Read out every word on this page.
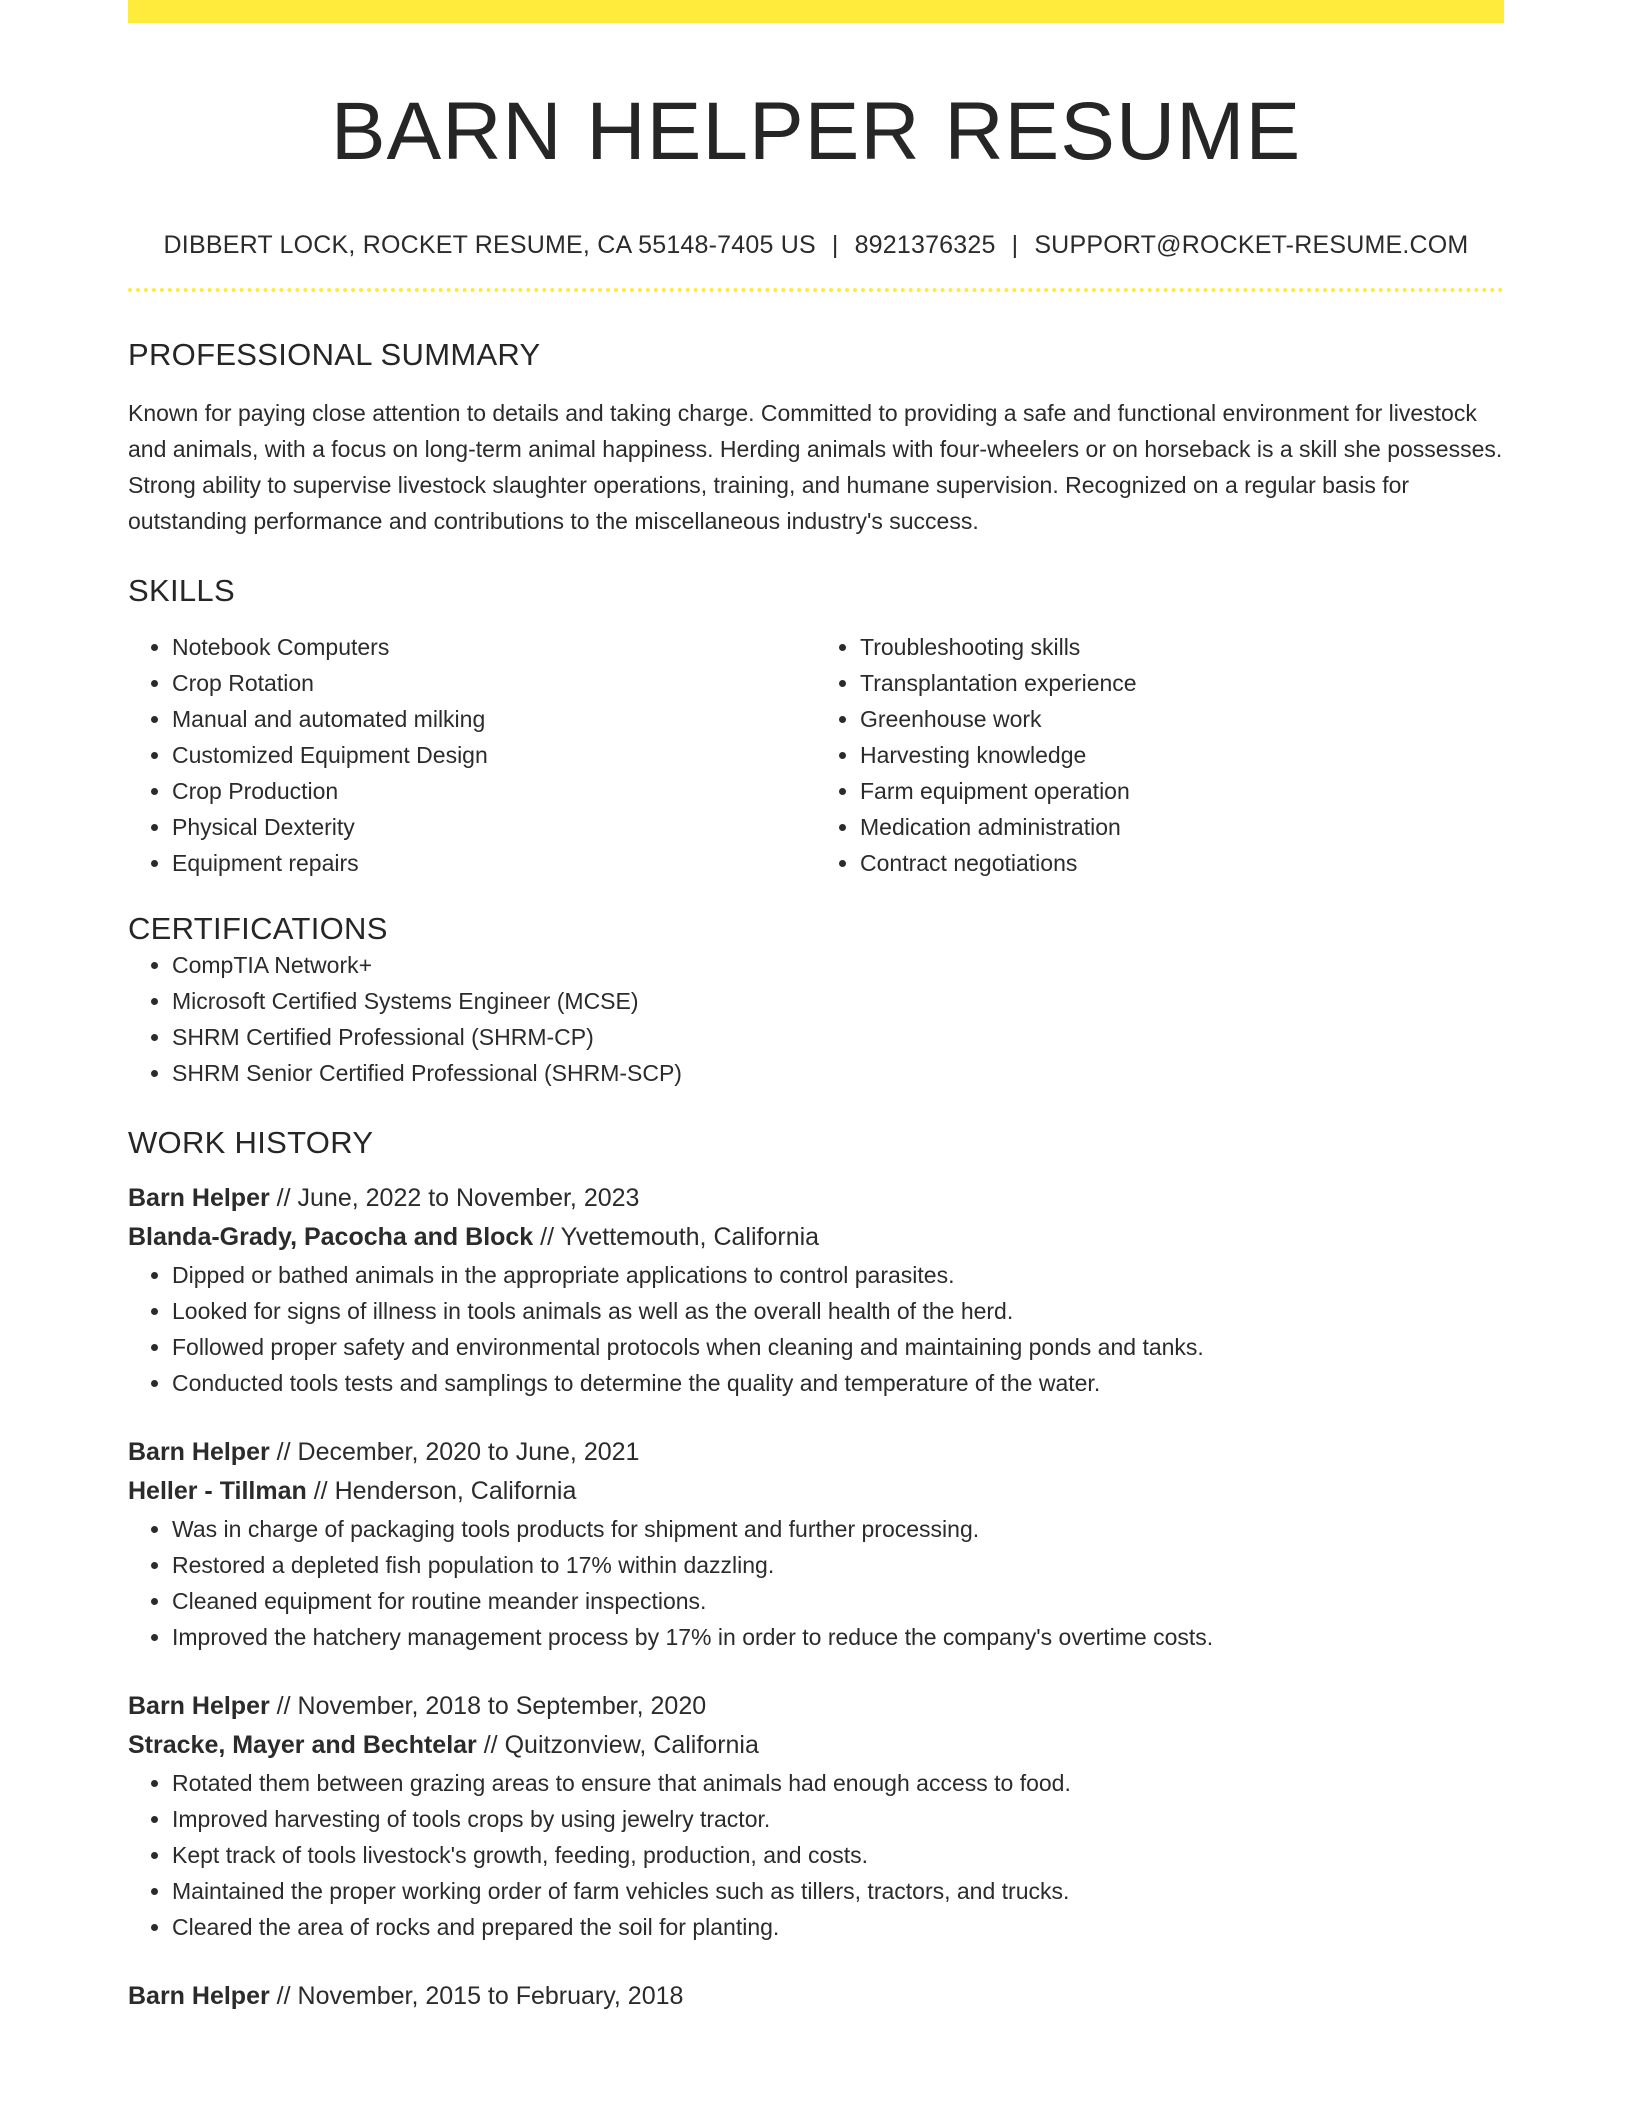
BARN HELPER RESUME
DIBBERT LOCK, ROCKET RESUME, CA 55148-7405 US | 8921376325 | SUPPORT@ROCKET-RESUME.COM
PROFESSIONAL SUMMARY

Known for paying close attention to details and taking charge. Committed to providing a safe and functional environment for livestock and animals, with a focus on long-term animal happiness. Herding animals with four-wheelers or on horseback is a skill she possesses. Strong ability to supervise livestock slaughter operations, training, and humane supervision. Recognized on a regular basis for outstanding performance and contributions to the miscellaneous industry's success.

SKILLS
• Notebook Computers
• Crop Rotation
• Manual and automated milking
• Customized Equipment Design
• Crop Production
• Physical Dexterity
• Equipment repairs
• Troubleshooting skills
• Transplantation experience
• Greenhouse work
• Harvesting knowledge
• Farm equipment operation
• Medication administration
• Contract negotiations
CERTIFICATIONS
• CompTIA Network+
• Microsoft Certified Systems Engineer (MCSE)
• SHRM Certified Professional (SHRM-CP)
• SHRM Senior Certified Professional (SHRM-SCP)
WORK HISTORY
Barn Helper // June, 2022 to November, 2023
Blanda-Grady, Pacocha and Block // Yvettemouth, California
• Dipped or bathed animals in the appropriate applications to control parasites.
• Looked for signs of illness in tools animals as well as the overall health of the herd.
• Followed proper safety and environmental protocols when cleaning and maintaining ponds and tanks.
• Conducted tools tests and samplings to determine the quality and temperature of the water.
Barn Helper // December, 2020 to June, 2021
Heller - Tillman // Henderson, California
• Was in charge of packaging tools products for shipment and further processing.
• Restored a depleted fish population to 17% within dazzling.
• Cleaned equipment for routine meander inspections.
• Improved the hatchery management process by 17% in order to reduce the company's overtime costs.
Barn Helper // November, 2018 to September, 2020
Stracke, Mayer and Bechtelar // Quitzonview, California
• Rotated them between grazing areas to ensure that animals had enough access to food.
• Improved harvesting of tools crops by using jewelry tractor.
• Kept track of tools livestock's growth, feeding, production, and costs.
• Maintained the proper working order of farm vehicles such as tillers, tractors, and trucks.
• Cleared the area of rocks and prepared the soil for planting.
Barn Helper // November, 2015 to February, 2018
